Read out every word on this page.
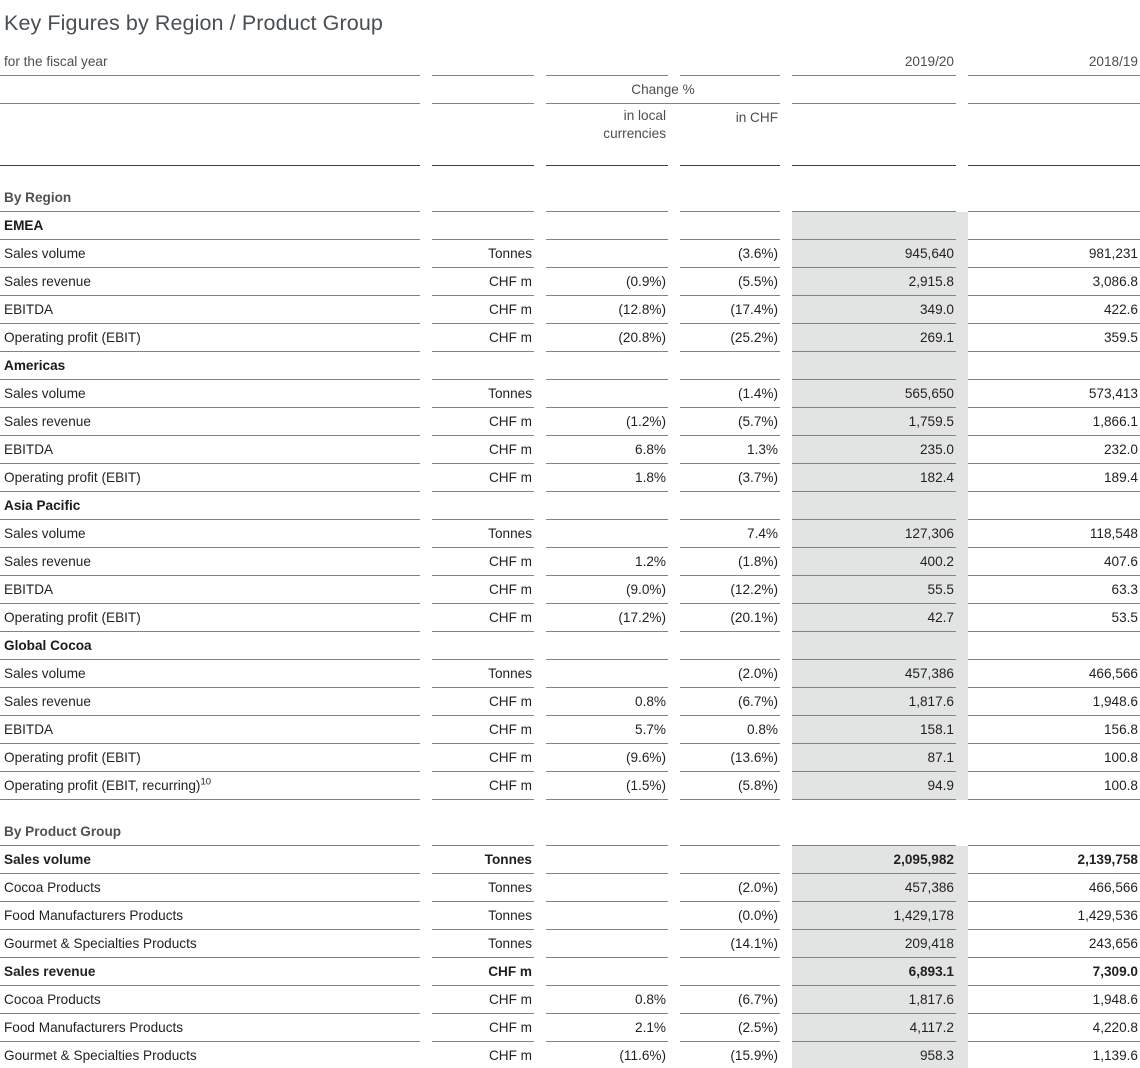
Key Figures by Region / Product Group
for the fiscal year				2019/20	2018/19

		Change %			

		in local
currencies	in CHF		

By Region					

EMEA					

Sales volume	Tonnes		(3.6%)	945,640	981,231

Sales revenue	CHF m	(0.9%)	(5.5%)	2,915.8	3,086.8

EBITDA	CHF m	(12.8%)	(17.4%)	349.0	422.6

Operating profit (EBIT)	CHF m	(20.8%)	(25.2%)	269.1	359.5

Americas					

Sales volume	Tonnes		(1.4%)	565,650	573,413

Sales revenue	CHF m	(1.2%)	(5.7%)	1,759.5	1,866.1

EBITDA	CHF m	6.8%	1.3%	235.0	232.0

Operating profit (EBIT)	CHF m	1.8%	(3.7%)	182.4	189.4

Asia Pacific					

Sales volume	Tonnes		7.4%	127,306	118,548

Sales revenue	CHF m	1.2%	(1.8%)	400.2	407.6

EBITDA	CHF m	(9.0%)	(12.2%)	55.5	63.3

Operating profit (EBIT)	CHF m	(17.2%)	(20.1%)	42.7	53.5

Global Cocoa					

Sales volume	Tonnes		(2.0%)	457,386	466,566

Sales revenue	CHF m	0.8%	(6.7%)	1,817.6	1,948.6

EBITDA	CHF m	5.7%	0.8%	158.1	156.8

Operating profit (EBIT)	CHF m	(9.6%)	(13.6%)	87.1	100.8

Operating profit (EBIT, recurring)$^{10}$	CHF m	(1.5%)	(5.8%)	94.9	100.8

By Product Group					

Sales volume	Tonnes			2,095,982	2,139,758

Cocoa Products	Tonnes		(2.0%)	457,386	466,566

Food Manufacturers Products	Tonnes		(0.0%)	1,429,178	1,429,536

Gourmet & Specialties Products	Tonnes		(14.1%)	209,418	243,656

Sales revenue	CHF m			6,893.1	7,309.0

Cocoa Products	CHF m	0.8%	(6.7%)	1,817.6	1,948.6

Food Manufacturers Products	CHF m	2.1%	(2.5%)	4,117.2	4,220.8

Gourmet & Specialties Products	CHF m	(11.6%)	(15.9%)	958.3	1,139.6
